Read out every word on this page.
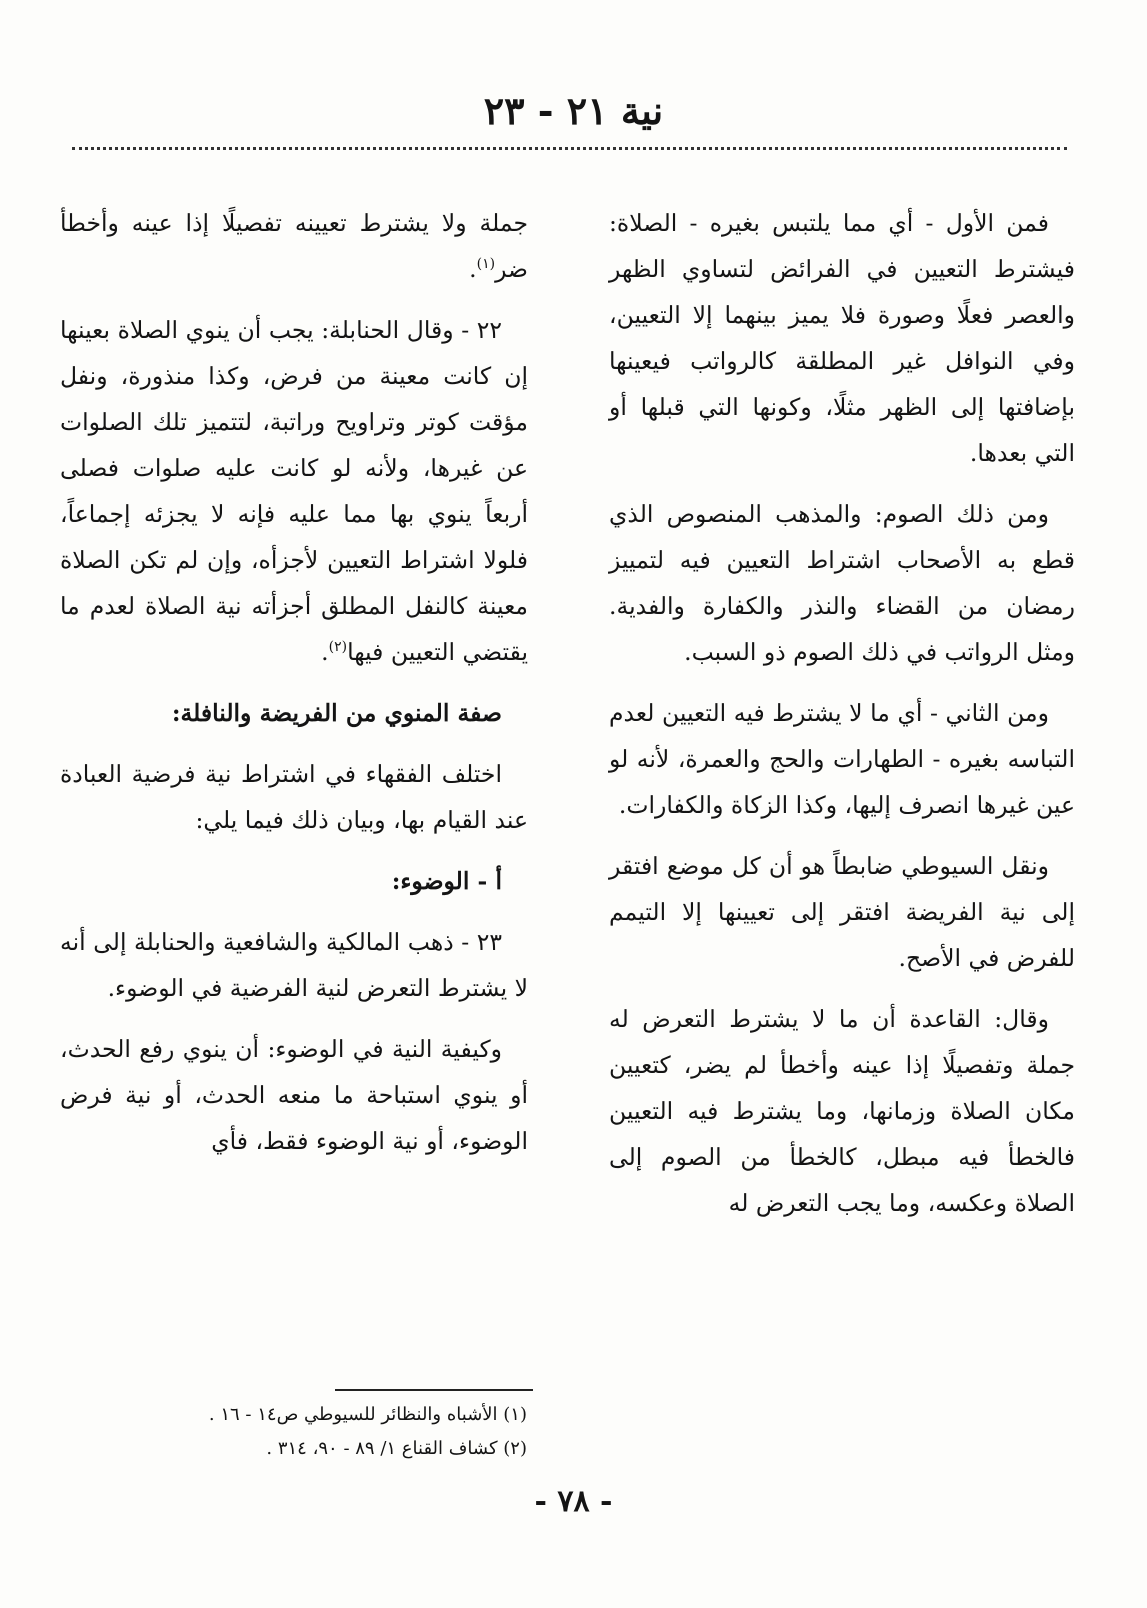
نية ٢١ - ٢٣

فمن الأول - أي مما يلتبس بغيره - الصلاة: فيشترط التعيين في الفرائض لتساوي الظهر والعصر فعلًا وصورة فلا يميز بينهما إلا التعيين، وفي النوافل غير المطلقة كالرواتب فيعينها بإضافتها إلى الظهر مثلًا، وكونها التي قبلها أو التي بعدها.

ومن ذلك الصوم: والمذهب المنصوص الذي قطع به الأصحاب اشتراط التعيين فيه لتمييز رمضان من القضاء والنذر والكفارة والفدية. ومثل الرواتب في ذلك الصوم ذو السبب.

ومن الثاني - أي ما لا يشترط فيه التعيين لعدم التباسه بغيره - الطهارات والحج والعمرة، لأنه لو عين غيرها انصرف إليها، وكذا الزكاة والكفارات.

ونقل السيوطي ضابطاً هو أن كل موضع افتقر إلى نية الفريضة افتقر إلى تعيينها إلا التيمم للفرض في الأصح.

وقال: القاعدة أن ما لا يشترط التعرض له جملة وتفصيلًا إذا عينه وأخطأ لم يضر، كتعيين مكان الصلاة وزمانها، وما يشترط فيه التعيين فالخطأ فيه مبطل، كالخطأ من الصوم إلى الصلاة وعكسه، وما يجب التعرض له

جملة ولا يشترط تعيينه تفصيلًا إذا عينه وأخطأ ضر$^{(١)}$.

٢٢ - وقال الحنابلة: يجب أن ينوي الصلاة بعينها إن كانت معينة من فرض، وكذا منذورة، ونفل مؤقت كوتر وتراويح وراتبة، لتتميز تلك الصلوات عن غيرها، ولأنه لو كانت عليه صلوات فصلى أربعاً ينوي بها مما عليه فإنه لا يجزئه إجماعاً، فلولا اشتراط التعيين لأجزأه، وإن لم تكن الصلاة معينة كالنفل المطلق أجزأته نية الصلاة لعدم ما يقتضي التعيين فيها$^{(٢)}$.

صفة المنوي من الفريضة والنافلة:

اختلف الفقهاء في اشتراط نية فرضية العبادة عند القيام بها، وبيان ذلك فيما يلي:

أ - الوضوء:

٢٣ - ذهب المالكية والشافعية والحنابلة إلى أنه لا يشترط التعرض لنية الفرضية في الوضوء.

وكيفية النية في الوضوء: أن ينوي رفع الحدث، أو ينوي استباحة ما منعه الحدث، أو نية فرض الوضوء، أو نية الوضوء فقط، فأي

(١) الأشباه والنظائر للسيوطي ص١٤ - ١٦ .
(٢) كشاف القناع ١/ ٨٩ - ٩٠، ٣١٤ .
- ٧٨ -
